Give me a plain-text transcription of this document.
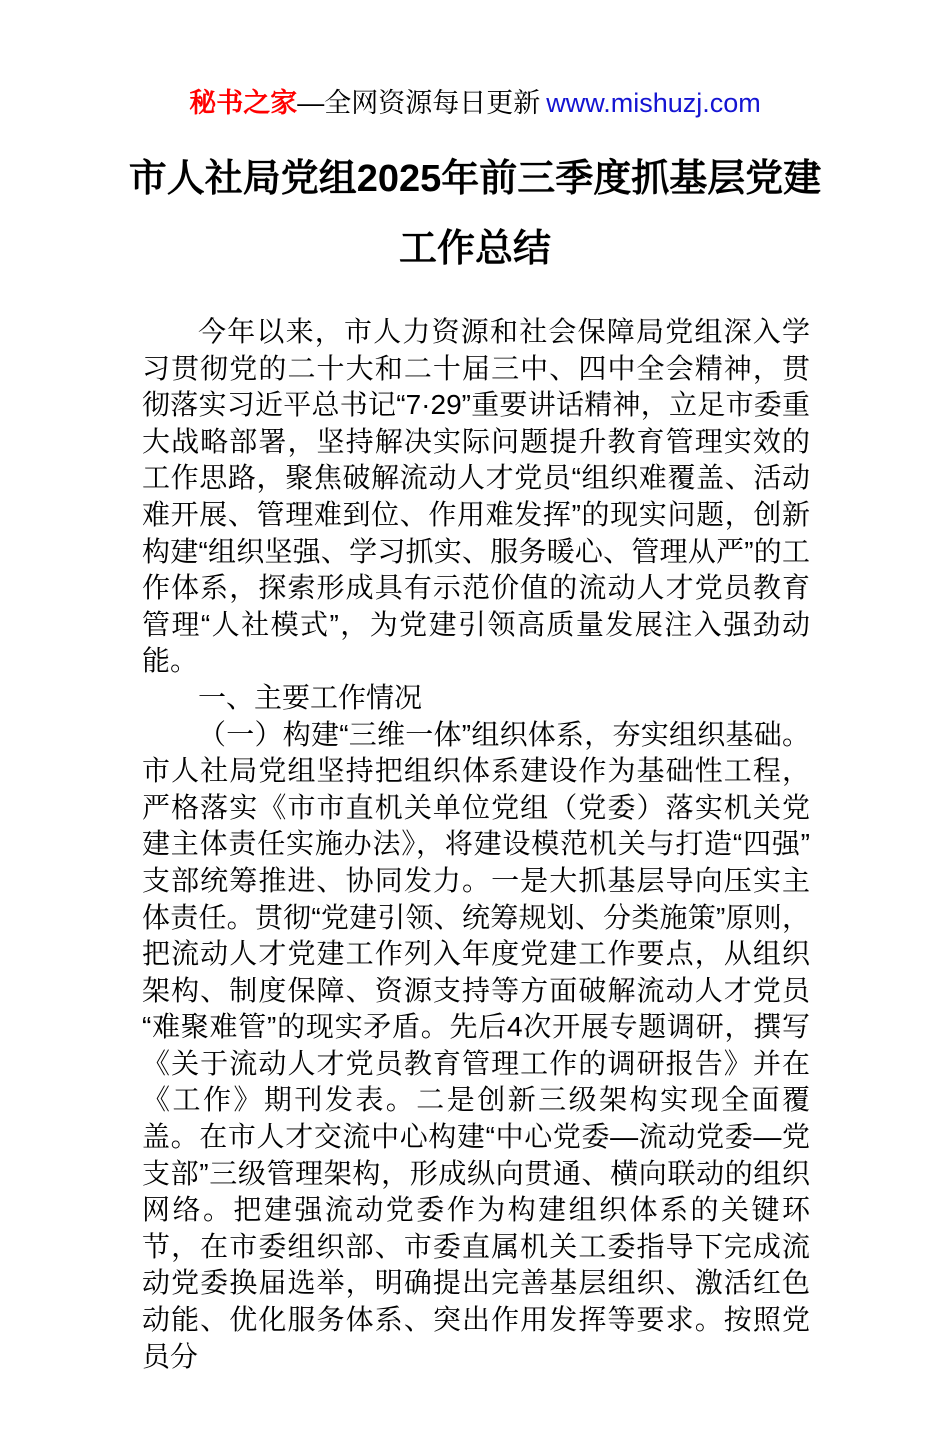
秘书之家—全网资源每日更新 www.mishuzj.com
市人社局党组2025年前三季度抓基层党建
工作总结

今年以来，市人力资源和社会保障局党组深入学习贯彻党的二十大和二十届三中、四中全会精神，贯彻落实习近平总书记“7·29”重要讲话精神，立足市委重大战略部署，坚持解决实际问题提升教育管理实效的工作思路，聚焦破解流动人才党员“组织难覆盖、活动难开展、管理难到位、作用难发挥”的现实问题，创新构建“组织坚强、学习抓实、服务暖心、管理从严”的工作体系，探索形成具有示范价值的流动人才党员教育管理“人社模式”，为党建引领高质量发展注入强劲动能。

一、主要工作情况

（一）构建“三维一体”组织体系，夯实组织基础。市人社局党组坚持把组织体系建设作为基础性工程，严格落实《市市直机关单位党组（党委）落实机关党建主体责任实施办法》，将建设模范机关与打造“四强”支部统筹推进、协同发力。一是大抓基层导向压实主体责任。贯彻“党建引领、统筹规划、分类施策”原则，把流动人才党建工作列入年度党建工作要点，从组织架构、制度保障、资源支持等方面破解流动人才党员“难聚难管”的现实矛盾。先后4次开展专题调研，撰写《关于流动人才党员教育管理工作的调研报告》并在《工作》期刊发表。二是创新三级架构实现全面覆盖。在市人才交流中心构建“中心党委—流动党委—党支部”三级管理架构，形成纵向贯通、横向联动的组织网络。把建强流动党委作为构建组织体系的关键环节，在市委组织部、市委直属机关工委指导下完成流动党委换届选举，明确提出完善基层组织、激活红色动能、优化服务体系、突出作用发挥等要求。按照党员分
